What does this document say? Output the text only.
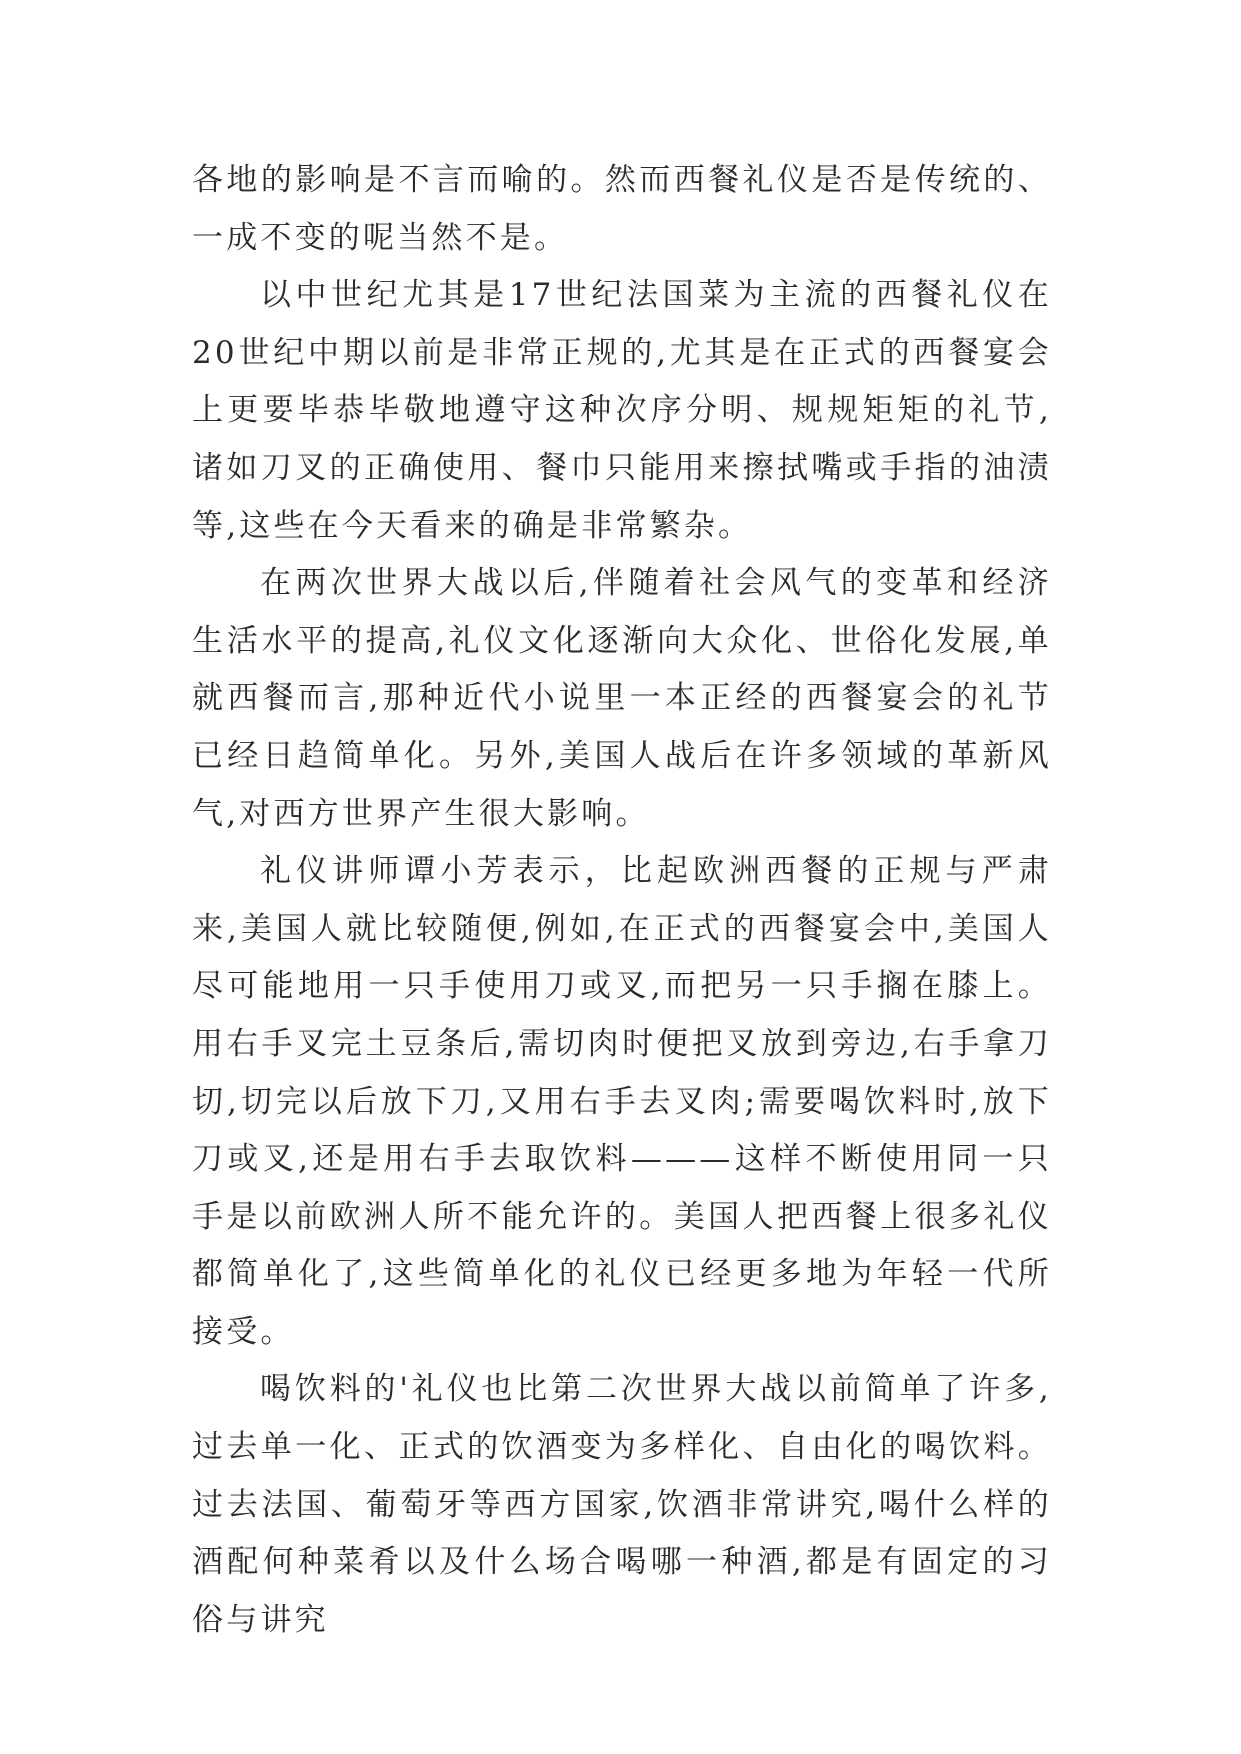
各地的影响是不言而喻的。然而西餐礼仪是否是传统的、一成不变的呢当然不是。

以中世纪尤其是17世纪法国菜为主流的西餐礼仪在20世纪中期以前是非常正规的,尤其是在正式的西餐宴会上更要毕恭毕敬地遵守这种次序分明、规规矩矩的礼节,诸如刀叉的正确使用、餐巾只能用来擦拭嘴或手指的油渍等,这些在今天看来的确是非常繁杂。

在两次世界大战以后,伴随着社会风气的变革和经济生活水平的提高,礼仪文化逐渐向大众化、世俗化发展,单就西餐而言,那种近代小说里一本正经的西餐宴会的礼节已经日趋简单化。另外,美国人战后在许多领域的革新风气,对西方世界产生很大影响。

礼仪讲师谭小芳表示，比起欧洲西餐的正规与严肃来,美国人就比较随便,例如,在正式的西餐宴会中,美国人尽可能地用一只手使用刀或叉,而把另一只手搁在膝上。用右手叉完土豆条后,需切肉时便把叉放到旁边,右手拿刀切,切完以后放下刀,又用右手去叉肉;需要喝饮料时,放下刀或叉,还是用右手去取饮料———这样不断使用同一只手是以前欧洲人所不能允许的。美国人把西餐上很多礼仪都简单化了,这些简单化的礼仪已经更多地为年轻一代所接受。

喝饮料的'礼仪也比第二次世界大战以前简单了许多,过去单一化、正式的饮酒变为多样化、自由化的喝饮料。过去法国、葡萄牙等西方国家,饮酒非常讲究,喝什么样的酒配何种菜肴以及什么场合喝哪一种酒,都是有固定的习俗与讲究
